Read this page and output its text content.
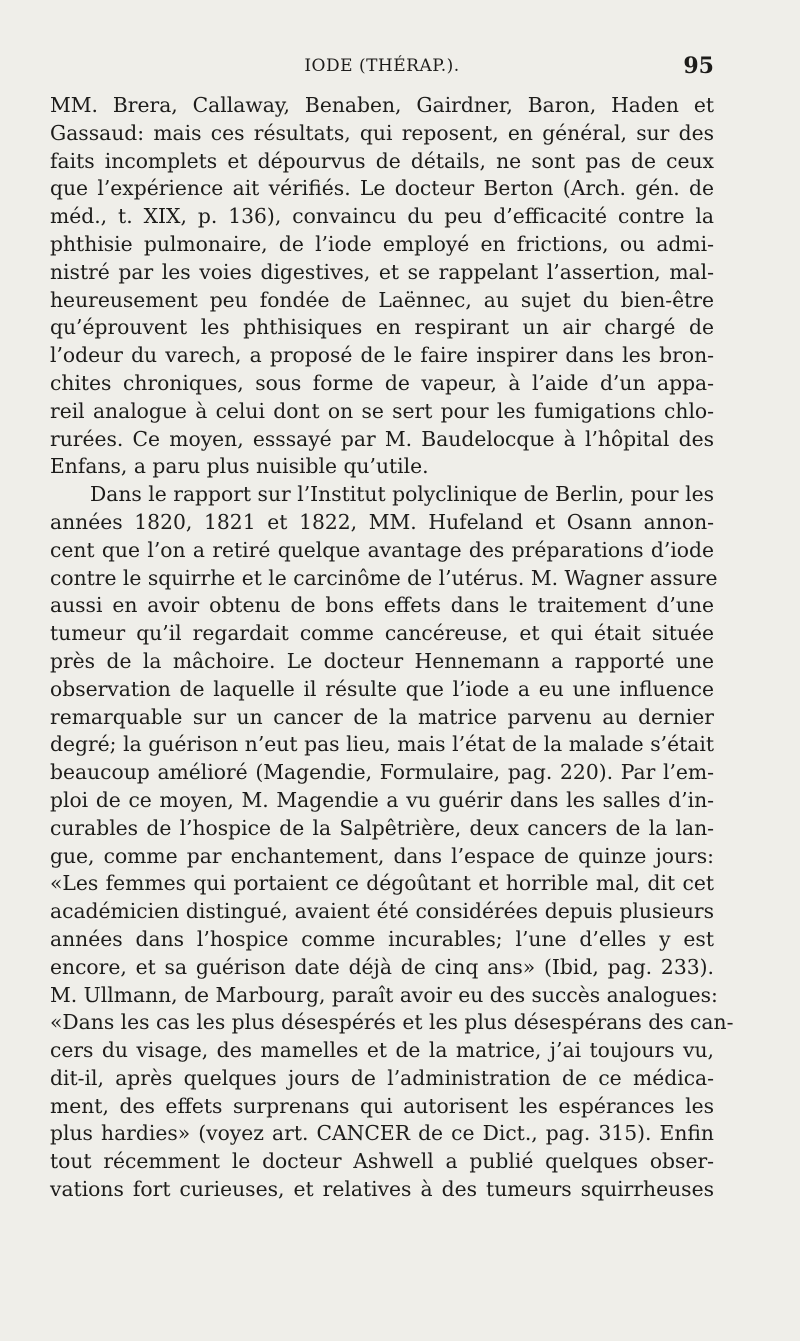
IODE (THÉRAP.).	95
MM. Brera, Callaway, Benaben, Gairdner, Baron, Haden et
Gassaud: mais ces résultats, qui reposent, en général, sur des
faits incomplets et dépourvus de détails, ne sont pas de ceux
que l’expérience ait vérifiés. Le docteur Berton (Arch. gén. de
méd., t. XIX, p. 136), convaincu du peu d’efficacité contre la
phthisie pulmonaire, de l’iode employé en frictions, ou admi-
nistré par les voies digestives, et se rappelant l’assertion, mal-
heureusement peu fondée de Laënnec, au sujet du bien-être
qu’éprouvent les phthisiques en respirant un air chargé de
l’odeur du varech, a proposé de le faire inspirer dans les bron-
chites chroniques, sous forme de vapeur, à l’aide d’un appa-
reil analogue à celui dont on se sert pour les fumigations chlo-
rurées. Ce moyen, esssayé par M. Baudelocque à l’hôpital des
Enfans, a paru plus nuisible qu’utile.
Dans le rapport sur l’Institut polyclinique de Berlin, pour les
années 1820, 1821 et 1822, MM. Hufeland et Osann annon-
cent que l’on a retiré quelque avantage des préparations d’iode
contre le squirrhe et le carcinôme de l’utérus. M. Wagner assure
aussi en avoir obtenu de bons effets dans le traitement d’une
tumeur qu’il regardait comme cancéreuse, et qui était située
près de la mâchoire. Le docteur Hennemann a rapporté une
observation de laquelle il résulte que l’iode a eu une influence
remarquable sur un cancer de la matrice parvenu au dernier
degré; la guérison n’eut pas lieu, mais l’état de la malade s’était
beaucoup amélioré (Magendie, Formulaire, pag. 220). Par l’em-
ploi de ce moyen, M. Magendie a vu guérir dans les salles d’in-
curables de l’hospice de la Salpêtrière, deux cancers de la lan-
gue, comme par enchantement, dans l’espace de quinze jours:
«Les femmes qui portaient ce dégoûtant et horrible mal, dit cet
académicien distingué, avaient été considérées depuis plusieurs
années dans l’hospice comme incurables; l’une d’elles y est
encore, et sa guérison date déjà de cinq ans» (Ibid, pag. 233).
M. Ullmann, de Marbourg, paraît avoir eu des succès analogues:
«Dans les cas les plus désespérés et les plus désespérans des can-
cers du visage, des mamelles et de la matrice, j’ai toujours vu,
dit-il, après quelques jours de l’administration de ce médica-
ment, des effets surprenans qui autorisent les espérances les
plus hardies» (voyez art. CANCER de ce Dict., pag. 315). Enfin
tout récemment le docteur Ashwell a publié quelques obser-
vations fort curieuses, et relatives à des tumeurs squirrheuses
